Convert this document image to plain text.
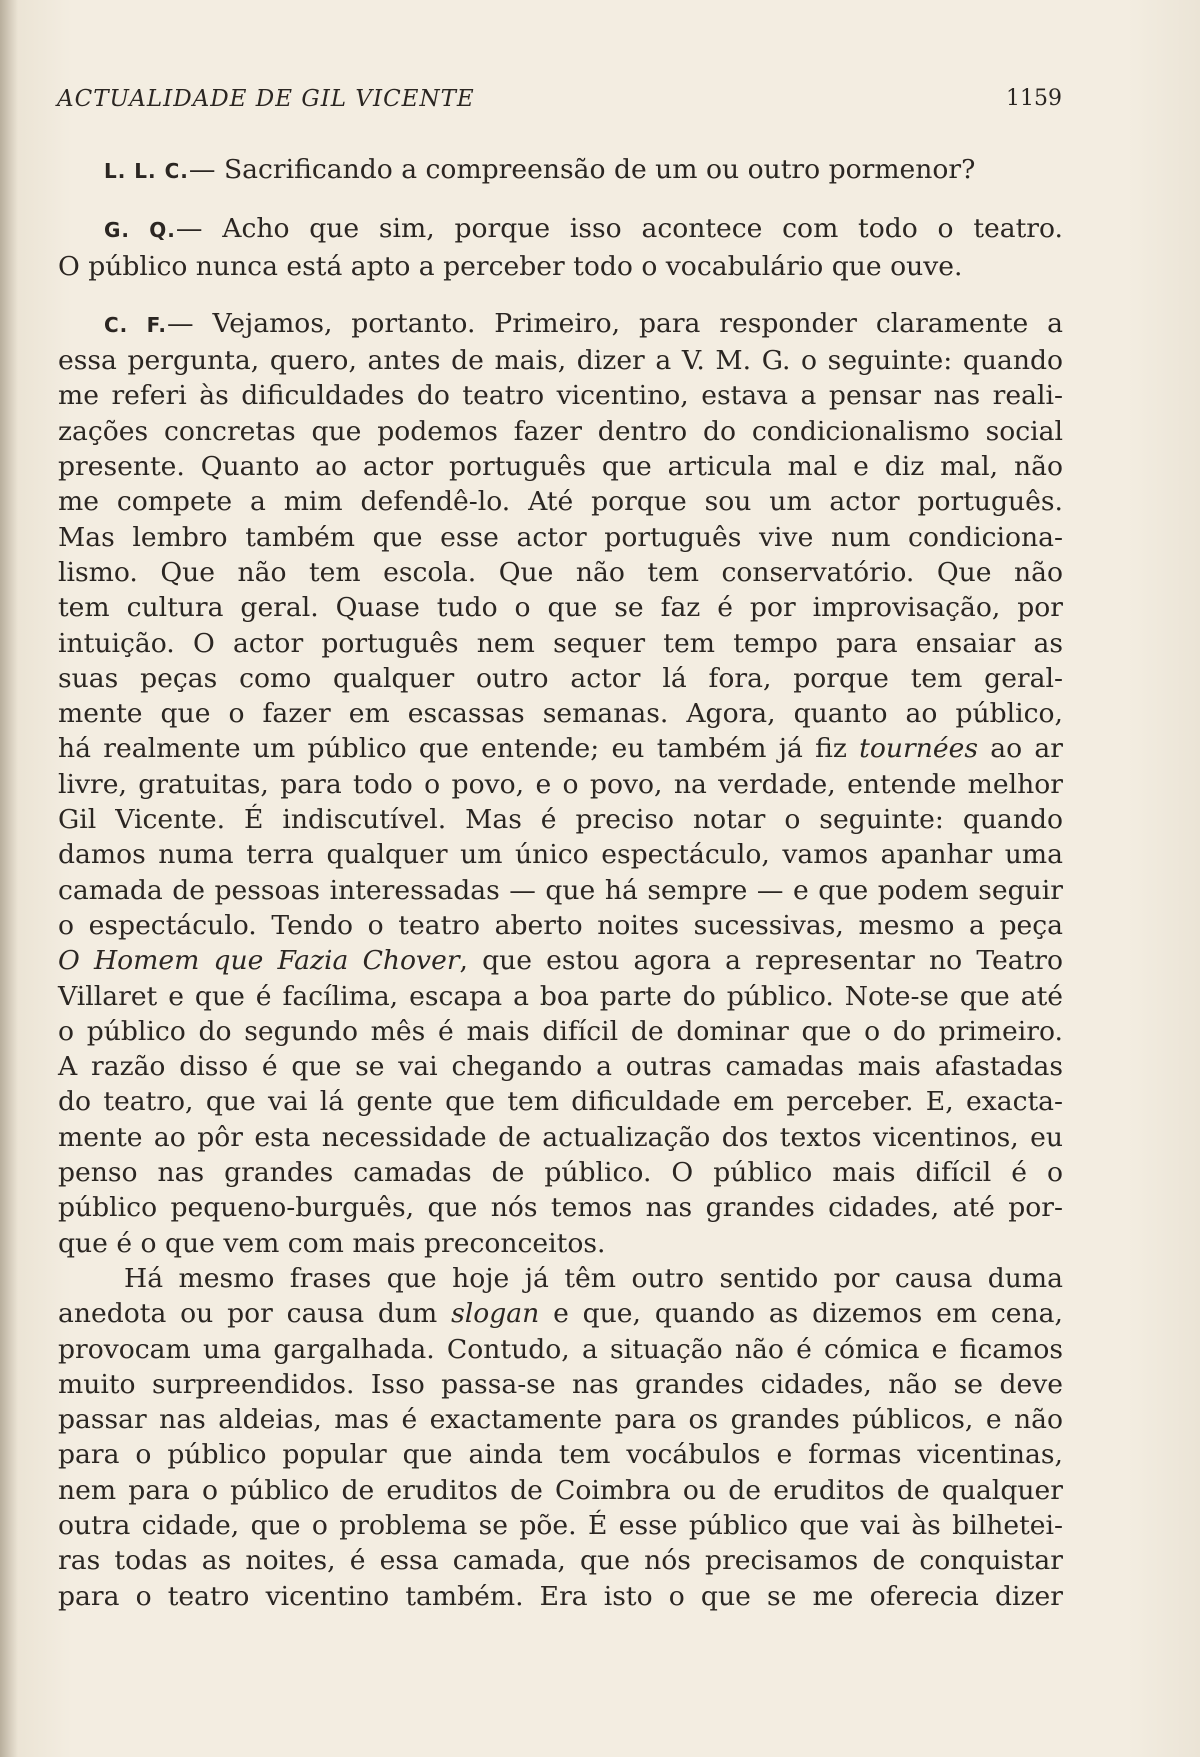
ACTUALIDADE DE GIL VICENTE	1159

L. L. C.— Sacrificando a compreensão de um ou outro pormenor?

G. Q.— Acho que sim, porque isso acontece com todo o teatro.
O público nunca está apto a perceber todo o vocabulário que ouve.

C. F.— Vejamos, portanto. Primeiro, para responder claramente a
essa pergunta, quero, antes de mais, dizer a V. M. G. o seguinte: quando
me referi às dificuldades do teatro vicentino, estava a pensar nas reali-
zações concretas que podemos fazer dentro do condicionalismo social
presente. Quanto ao actor português que articula mal e diz mal, não
me compete a mim defendê-lo. Até porque sou um actor português.
Mas lembro também que esse actor português vive num condiciona-
lismo. Que não tem escola. Que não tem conservatório. Que não
tem cultura geral. Quase tudo o que se faz é por improvisação, por
intuição. O actor português nem sequer tem tempo para ensaiar as
suas peças como qualquer outro actor lá fora, porque tem geral-
mente que o fazer em escassas semanas. Agora, quanto ao público,
há realmente um público que entende; eu também já fiz tournées ao ar
livre, gratuitas, para todo o povo, e o povo, na verdade, entende melhor
Gil Vicente. É indiscutível. Mas é preciso notar o seguinte: quando
damos numa terra qualquer um único espectáculo, vamos apanhar uma
camada de pessoas interessadas — que há sempre — e que podem seguir
o espectáculo. Tendo o teatro aberto noites sucessivas, mesmo a peça
O Homem que Fazia Chover, que estou agora a representar no Teatro
Villaret e que é facílima, escapa a boa parte do público. Note-se que até
o público do segundo mês é mais difícil de dominar que o do primeiro.
A razão disso é que se vai chegando a outras camadas mais afastadas
do teatro, que vai lá gente que tem dificuldade em perceber. E, exacta-
mente ao pôr esta necessidade de actualização dos textos vicentinos, eu
penso nas grandes camadas de público. O público mais difícil é o
público pequeno-burguês, que nós temos nas grandes cidades, até por-
que é o que vem com mais preconceitos.

Há mesmo frases que hoje já têm outro sentido por causa duma
anedota ou por causa dum slogan e que, quando as dizemos em cena,
provocam uma gargalhada. Contudo, a situação não é cómica e ficamos
muito surpreendidos. Isso passa-se nas grandes cidades, não se deve
passar nas aldeias, mas é exactamente para os grandes públicos, e não
para o público popular que ainda tem vocábulos e formas vicentinas,
nem para o público de eruditos de Coimbra ou de eruditos de qualquer
outra cidade, que o problema se põe. É esse público que vai às bilhetei-
ras todas as noites, é essa camada, que nós precisamos de conquistar
para o teatro vicentino também. Era isto o que se me oferecia dizer
